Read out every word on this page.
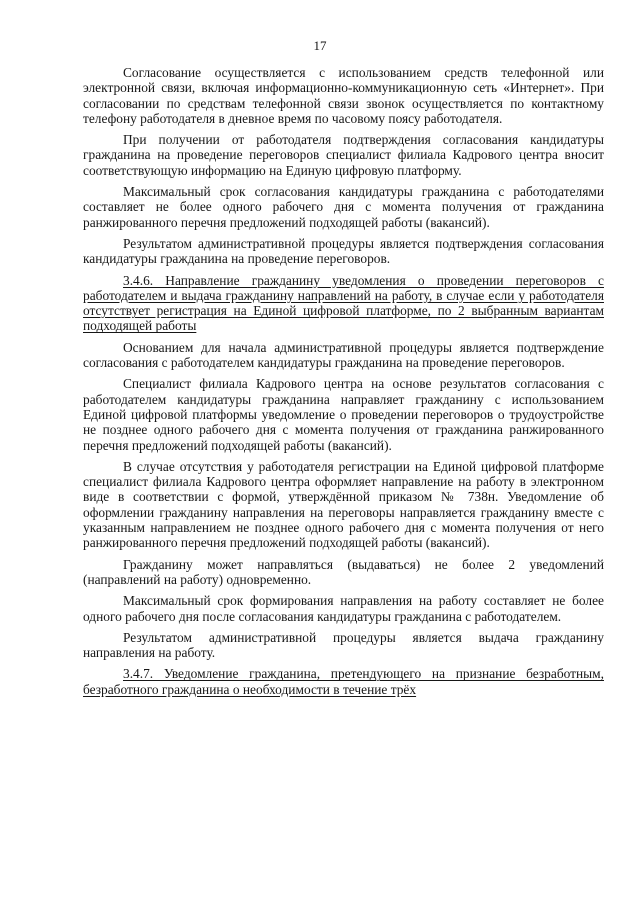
17

Согласование осуществляется с использованием средств телефонной или электронной связи, включая информационно-коммуникационную сеть «Интернет». При согласовании по средствам телефонной связи звонок осуществляется по контактному телефону работодателя в дневное время по часовому поясу работодателя.

При получении от работодателя подтверждения согласования кандидатуры гражданина на проведение переговоров специалист филиала Кадрового центра вносит соответствующую информацию на Единую цифровую платформу.

Максимальный срок согласования кандидатуры гражданина с работодателями составляет не более одного рабочего дня с момента получения от гражданина ранжированного перечня предложений подходящей работы (вакансий).

Результатом административной процедуры является подтверждения согласования кандидатуры гражданина на проведение переговоров.

3.4.6. Направление гражданину уведомления о проведении переговоров с работодателем и выдача гражданину направлений на работу, в случае если у работодателя отсутствует регистрация на Единой цифровой платформе, по 2 выбранным вариантам подходящей работы

Основанием для начала административной процедуры является подтверждение согласования с работодателем кандидатуры гражданина на проведение переговоров.

Специалист филиала Кадрового центра на основе результатов согласования с работодателем кандидатуры гражданина направляет гражданину с использованием Единой цифровой платформы уведомление о проведении переговоров о трудоустройстве не позднее одного рабочего дня с момента получения от гражданина ранжированного перечня предложений подходящей работы (вакансий).

В случае отсутствия у работодателя регистрации на Единой цифровой платформе специалист филиала Кадрового центра оформляет направление на работу в электронном виде в соответствии с формой, утверждённой приказом № 738н. Уведомление об оформлении гражданину направления на переговоры направляется гражданину вместе с указанным направлением не позднее одного рабочего дня с момента получения от него ранжированного перечня предложений подходящей работы (вакансий).

Гражданину может направляться (выдаваться) не более 2 уведомлений (направлений на работу) одновременно.

Максимальный срок формирования направления на работу составляет не более одного рабочего дня после согласования кандидатуры гражданина с работодателем.

Результатом административной процедуры является выдача гражданину направления на работу.

3.4.7. Уведомление гражданина, претендующего на признание безработным, безработного гражданина о необходимости в течение трёх
